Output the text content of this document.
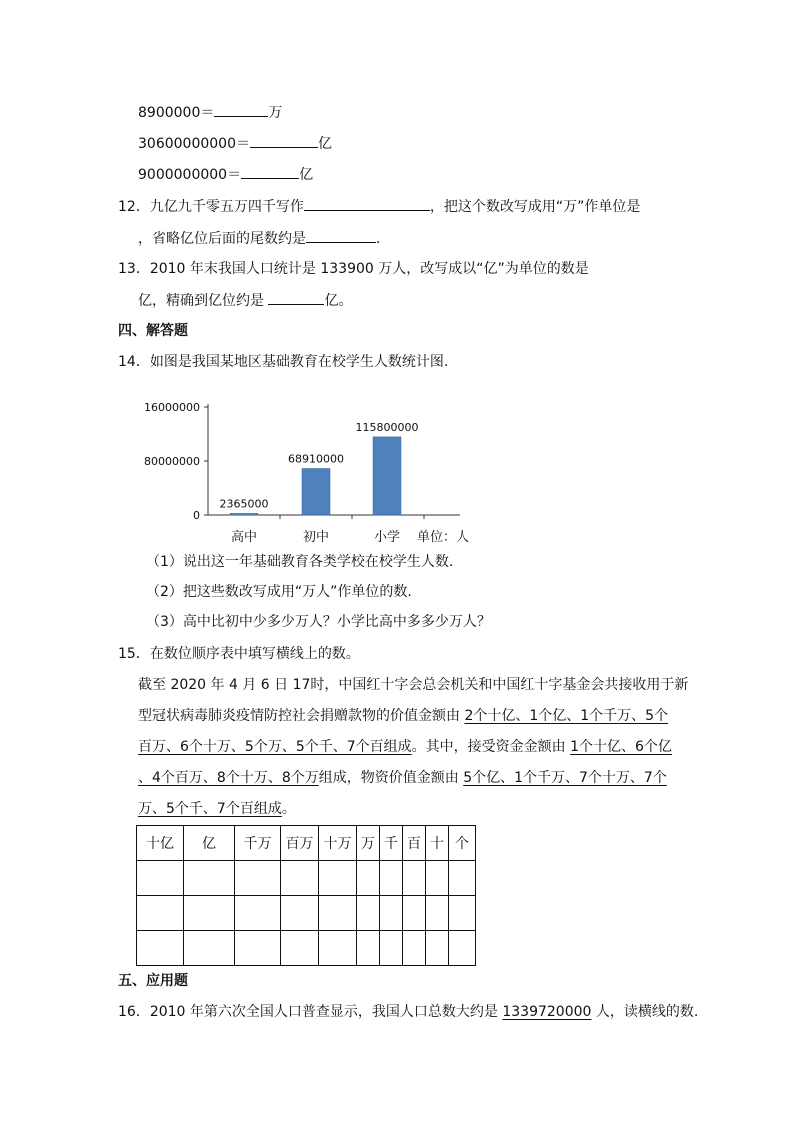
8900000＝	万
30600000000＝	亿
9000000000＝	亿
12．九亿九千零五万四千写作	，把这个数改写成用“万”作单位是
，省略亿位后面的尾数约是	．
13．2010 年末我国人口统计是 133900 万人，改写成以“亿”为单位的数是
亿，精确到亿位约是	亿。
四、解答题
14．如图是我国某地区基础教育在校学生人数统计图.
0
80000000
16000000
2365000
68910000
115800000
高中	初中	小学 单位：人
（1）说出这一年基础教育各类学校在校学生人数.
（2）把这些数改写成用“万人”作单位的数.
（3）高中比初中少多少万人？小学比高中多多少万人？
15．在数位顺序表中填写横线上的数。
截至 2020 年 4 月 6 日 17时，中国红十字会总会机关和中国红十字基金会共接收用于新
型冠状病毒肺炎疫情防控社会捐赠款物的价值金额由 2个十亿、1个亿、1个千万、5个
百万、6个十万、5个万、5个千、7个百组成。其中，接受资金金额由 1个十亿、6个亿
、4个百万、8个十万、8个万组成，物资价值金额由 5个亿、1个千万、7个十万、7个
万、5个千、7个百组成。
十亿	亿	千万	百万	十万	万	千	百	十	个

五、应用题
16．2010 年第六次全国人口普查显示，我国人口总数大约是 1339720000 人，读横线的数.
